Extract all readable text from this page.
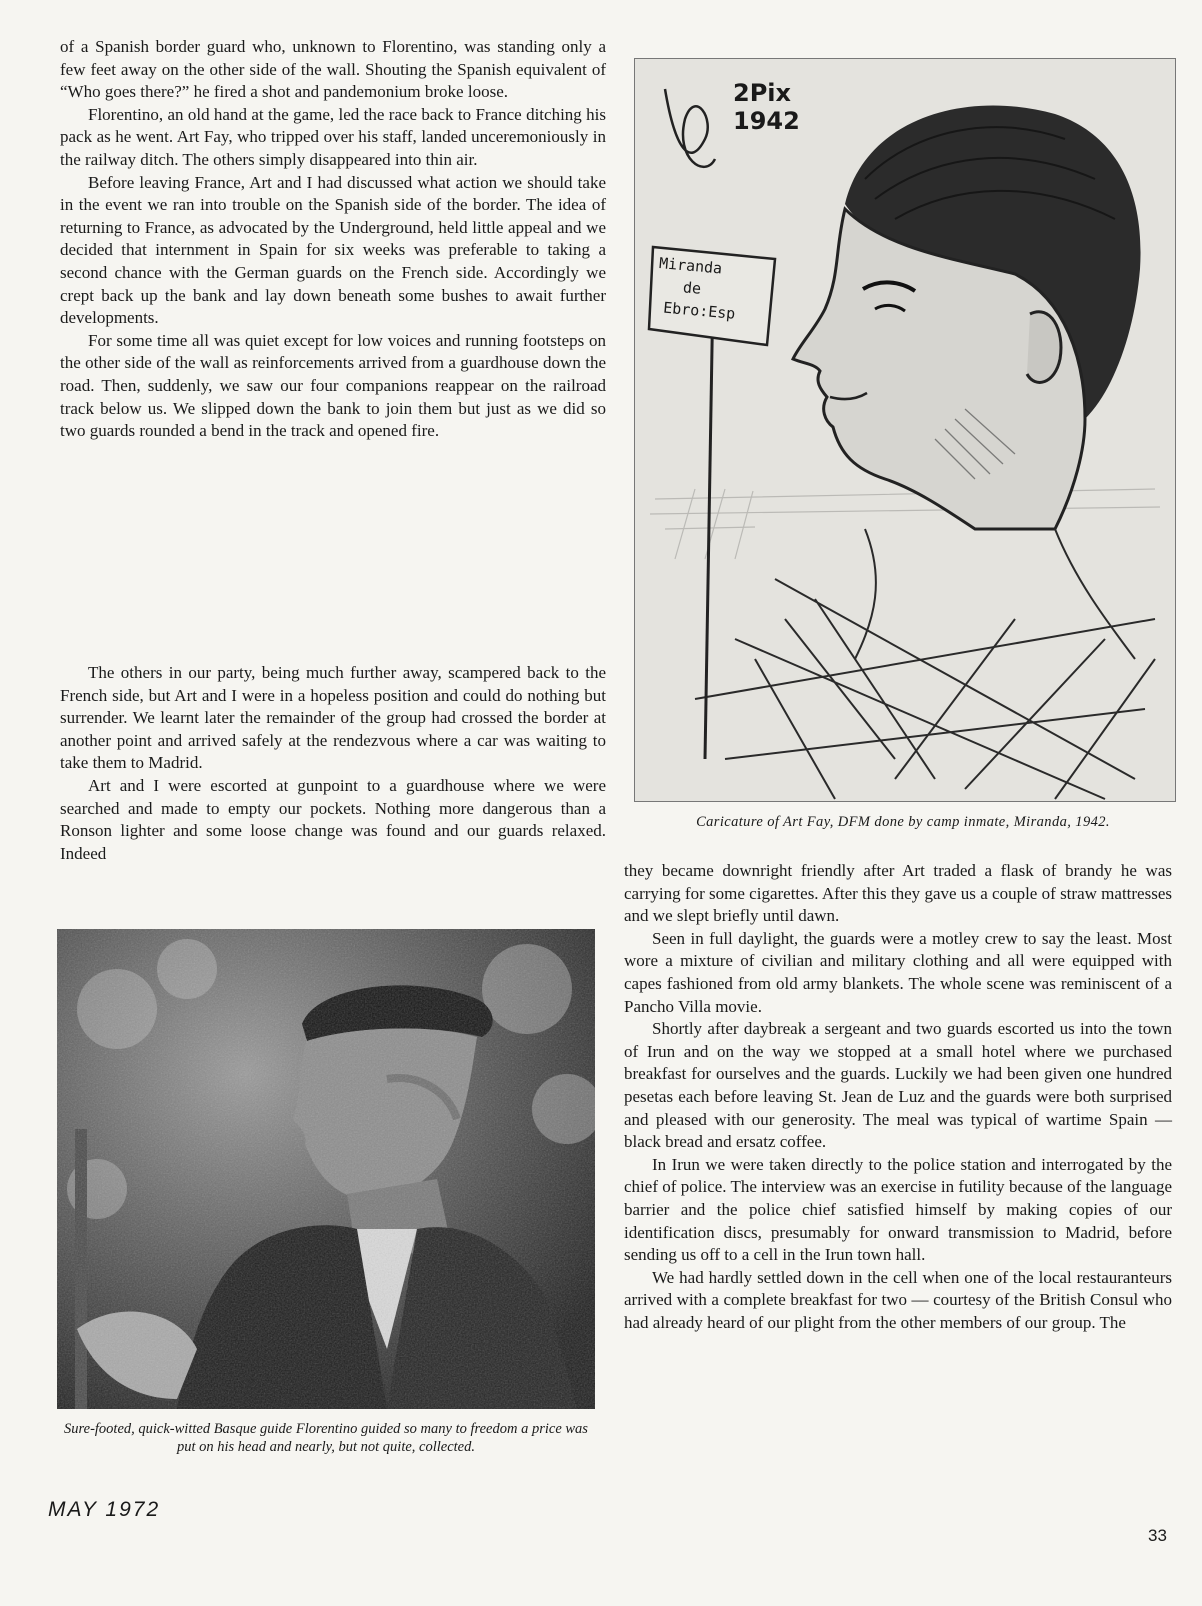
of a Spanish border guard who, unknown to Florentino, was standing only a few feet away on the other side of the wall. Shouting the Spanish equivalent of “Who goes there?” he fired a shot and pandemonium broke loose.

Florentino, an old hand at the game, led the race back to France ditching his pack as he went. Art Fay, who tripped over his staff, landed unceremoniously in the railway ditch. The others simply disappeared into thin air.

Before leaving France, Art and I had discussed what action we should take in the event we ran into trouble on the Spanish side of the border. The idea of returning to France, as advocated by the Underground, held little appeal and we decided that internment in Spain for six weeks was preferable to taking a second chance with the German guards on the French side. Accordingly we crept back up the bank and lay down beneath some bushes to await further developments.

For some time all was quiet except for low voices and running footsteps on the other side of the wall as reinforcements arrived from a guardhouse down the road. Then, suddenly, we saw our four companions reappear on the railroad track below us. We slipped down the bank to join them but just as we did so two guards rounded a bend in the track and opened fire.

The others in our party, being much further away, scampered back to the French side, but Art and I were in a hopeless position and could do nothing but surrender. We learnt later the remainder of the group had crossed the border at another point and arrived safely at the rendezvous where a car was waiting to take them to Madrid.

Art and I were escorted at gunpoint to a guardhouse where we were searched and made to empty our pockets. Nothing more dangerous than a Ronson lighter and some loose change was found and our guards relaxed. Indeed

Miranda
de
Ebro:Esp
2Pix
1942
Caricature of Art Fay, DFM done by camp inmate, Miranda, 1942.

they became downright friendly after Art traded a flask of brandy he was carrying for some cigarettes. After this they gave us a couple of straw mattresses and we slept briefly until dawn.

Seen in full daylight, the guards were a motley crew to say the least. Most wore a mixture of civilian and military clothing and all were equipped with capes fashioned from old army blankets. The whole scene was reminiscent of a Pancho Villa movie.

Shortly after daybreak a sergeant and two guards escorted us into the town of Irun and on the way we stopped at a small hotel where we purchased breakfast for ourselves and the guards. Luckily we had been given one hundred pesetas each before leaving St. Jean de Luz and the guards were both surprised and pleased with our generosity. The meal was typical of wartime Spain — black bread and ersatz coffee.

In Irun we were taken directly to the police station and interrogated by the chief of police. The interview was an exercise in futility because of the language barrier and the police chief satisfied himself by making copies of our identification discs, presumably for onward transmission to Madrid, before sending us off to a cell in the Irun town hall.

We had hardly settled down in the cell when one of the local restauranteurs arrived with a complete breakfast for two — courtesy of the British Consul who had already heard of our plight from the other members of our group. The

Sure-footed, quick-witted Basque guide Florentino guided so many to freedom a price was put on his head and nearly, but not quite, collected.
MAY 1972
33
